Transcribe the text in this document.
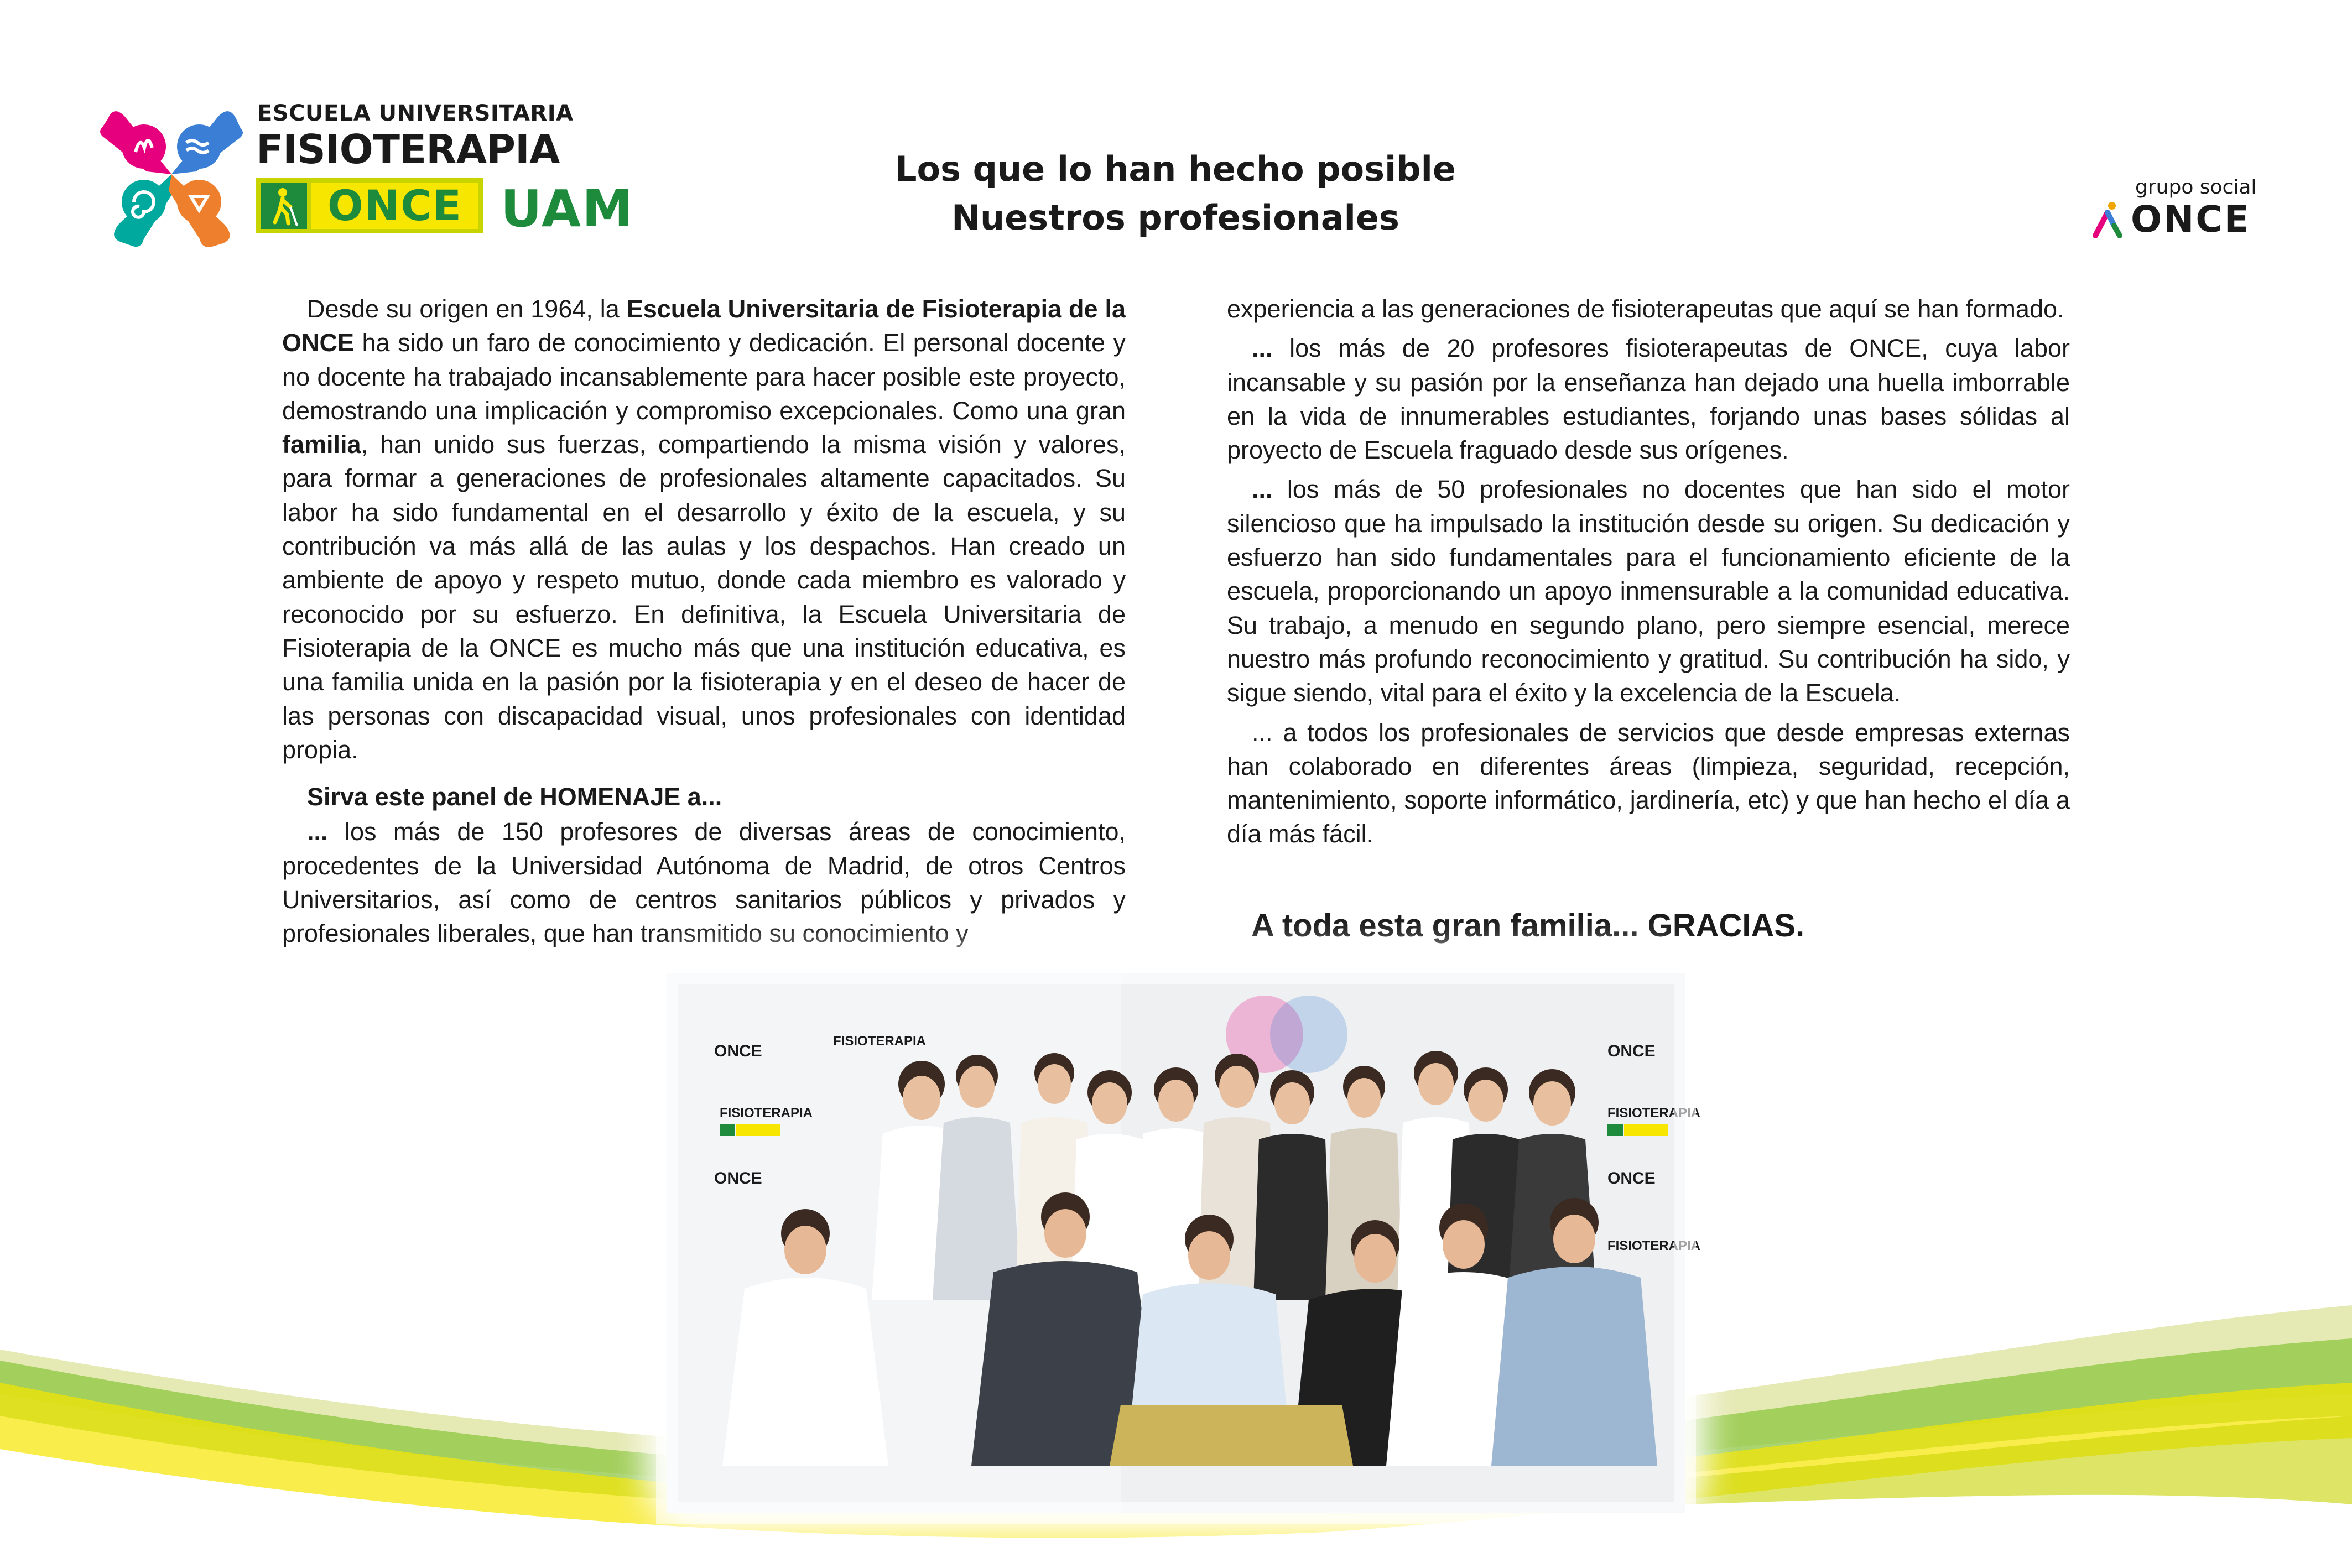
ESCUELA UNIVERSITARIA
FISIOTERAPIA
ONCE UAM	grupo social
ONCE
Los que lo han hecho posible
Nuestros profesionales

Desde su origen en 1964, la Escuela Universitaria de Fisioterapia de la ONCE ha sido un faro de conocimiento y dedicación. El personal docente y no docente ha trabajado incansablemente para hacer posible este proyecto, demostrando una implicación y compromiso excepcionales. Como una gran familia, han unido sus fuerzas, compartiendo la misma visión y valores, para formar a generaciones de profesionales altamente capacitados. Su labor ha sido fundamental en el desarrollo y éxito de la escuela, y su contribución va más allá de las aulas y los despachos. Han creado un ambiente de apoyo y respeto mutuo, donde cada miembro es valorado y reconocido por su esfuerzo. En definitiva, la Escuela Universitaria de Fisioterapia de la ONCE es mucho más que una institución educativa, es una familia unida en la pasión por la fisioterapia y en el deseo de hacer de las personas con discapacidad visual, unos profesionales con identidad propia.

Sirva este panel de HOMENAJE a...

... los más de 150 profesores de diversas áreas de conocimiento, procedentes de la Universidad Autónoma de Madrid, de otros Centros Universitarios, así como de centros sanitarios públicos y privados y profesionales liberales, que han transmitido su conocimiento y

experiencia a las generaciones de fisioterapeutas que aquí se han formado.

... los más de 20 profesores fisioterapeutas de ONCE, cuya labor incansable y su pasión por la enseñanza han dejado una huella imborrable en la vida de innumerables estudiantes, forjando unas bases sólidas al proyecto de Escuela fraguado desde sus orígenes.

... los más de 50 profesionales no docentes que han sido el motor silencioso que ha impulsado la institución desde su origen. Su dedicación y esfuerzo han sido fundamentales para el funcionamiento eficiente de la escuela, proporcionando un apoyo inmensurable a la comunidad educativa. Su trabajo, a menudo en segundo plano, pero siempre esencial, merece nuestro más profundo reconocimiento y gratitud. Su contribución ha sido, y sigue siendo, vital para el éxito y la excelencia de la Escuela.

... a todos los profesionales de servicios que desde empresas externas han colaborado en diferentes áreas (limpieza, seguridad, recepción, mantenimiento, soporte informático, jardinería, etc) y que han hecho el día a día más fácil.

A toda esta gran familia... GRACIAS.
ONCE
ONCE
ONCE
ONCE
FISIOTERAPIA
FISIOTERAPIA	FISIOTERAPIA
FISIOTERAPIA
